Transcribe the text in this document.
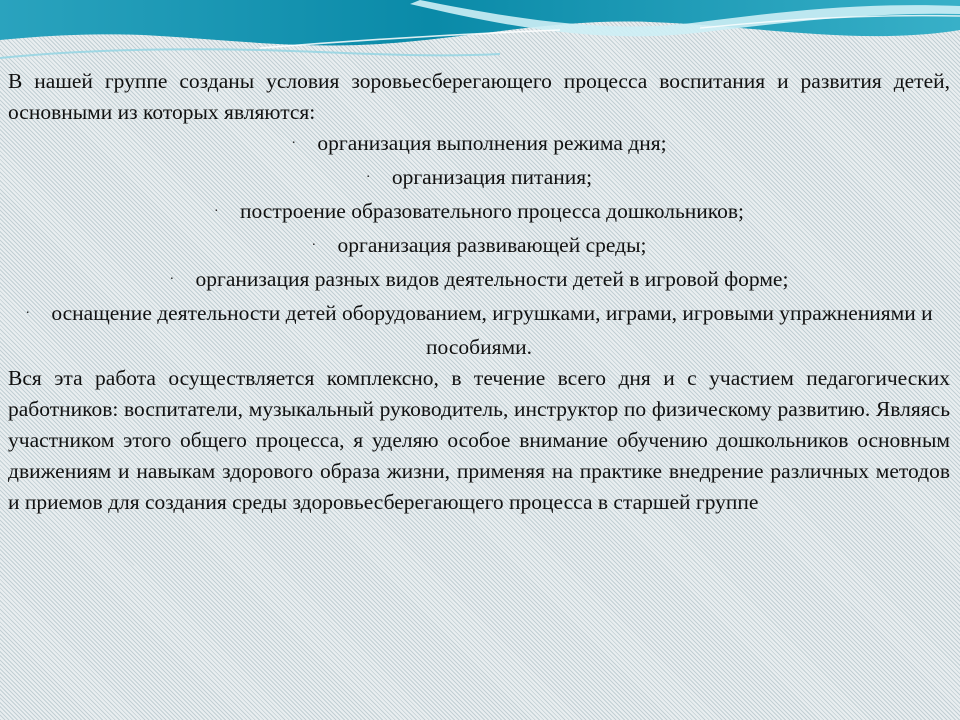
В нашей группе созданы условия зоровьесберегающего процесса воспитания и развития детей, основными из которых являются:

· организация выполнения режима дня;
· организация питания;
· построение образовательного процесса дошкольников;
· организация развивающей среды;
· организация разных видов деятельности детей в игровой форме;
· оснащение деятельности детей оборудованием, игрушками, играми, игровыми упражнениями и пособиями.

Вся эта работа осуществляется комплексно, в течение всего дня и с участием педагогических работников: воспитатели, музыкальный руководитель, инструктор по физическому развитию. Являясь участником этого общего процесса, я уделяю особое внимание обучению дошкольников основным движениям и навыкам здорового образа жизни, применяя на практике внедрение различных методов и приемов для создания среды здоровьесберегающего процесса в старшей группе
